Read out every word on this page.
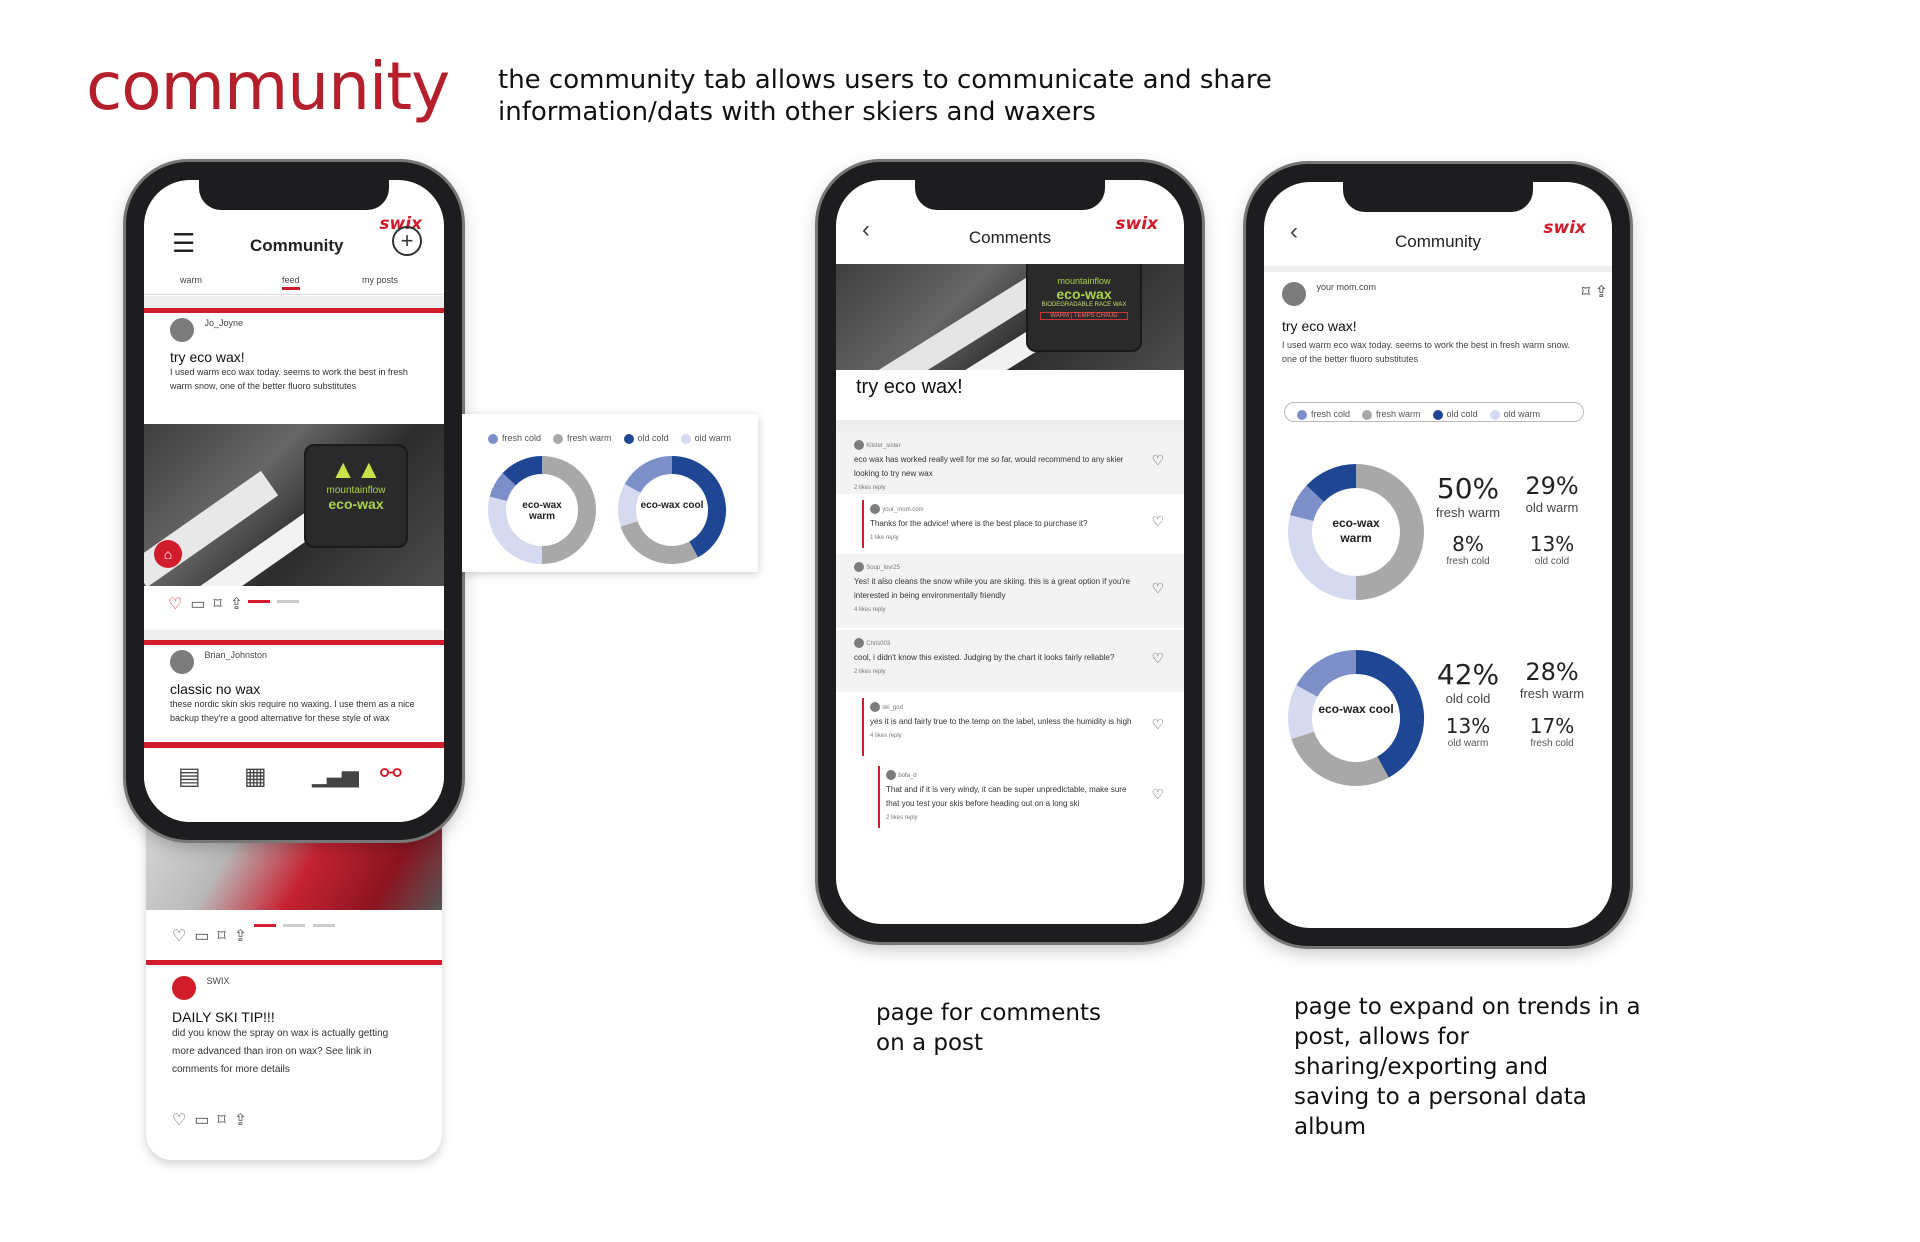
community the community tab allows users to communicate and share information/dats with other skiers and waxers

♡▭⌑⇪
$^{SWIX}$
DAILY SKI TIP!!!
did you know the spray on wax is actually getting more advanced than iron on wax? See link in comments for more details
♡▭⌑⇪
swix
☰	Community	+
warm	feed	my posts
$^{Jo\_Joyne}$
try eco wax!
I used warm eco wax today. seems to work the best in fresh warm snow, one of the better fluoro substitutes
▲▲
mountainflow
eco-wax
⌂

♡▭⌑⇪
$^{Brian\_Johnston}$
classic no wax
these nordic skin skis require no waxing. I use them as a nice backup they're a good alternative for these style of wax
▤ ▦ ▁▃▅ ⚯
fresh cold	fresh warm	old cold	old warm
eco-wax warm
eco-wax cool
‹	Comments
swix
mountainflow
eco-wax
BIODEGRADABLE RACE WAX
WARM | TEMPS CHAUD
try eco wax!
Klister_sister
eco wax has worked really well for me so far, would recommend to any skier looking to try new wax
2 likes reply
♡
your_mom.com
Thanks for the advice! where is the best place to purchase it?
1 like reply
♡
Soup_lovr25
Yes! it also cleans the snow while you are skiing. this is a great option if you're interested in being environmentally friendly
4 likes reply
♡
Chris003
cool, i didn't know this existed. Judging by the chart it looks fairly reliable?
2 likes reply
♡
ski_god
yes it is and fairly true to the temp on the label, unless the humidity is high
4 likes reply
♡
bofa_d
That and if it is very windy, it can be super unpredictable, make sure that you test your skis before heading out on a long ski
2 likes reply
♡
‹	Community
swix
$^{your mom.com}$	⌑ ⇪
try eco wax!
I used warm eco wax today. seems to work the best in fresh warm snow. one of the better fluoro substitutes
fresh cold	fresh warm	old cold	old warm
eco-wax warm
50%
fresh warm
29%
old warm
8%
fresh cold
13%
old cold
eco-wax cool
42%
old cold
28%
fresh warm
13%
old warm
17%
fresh cold
page for comments
on a post
page to expand on trends in a
post, allows for
sharing/exporting and
saving to a personal data
album
